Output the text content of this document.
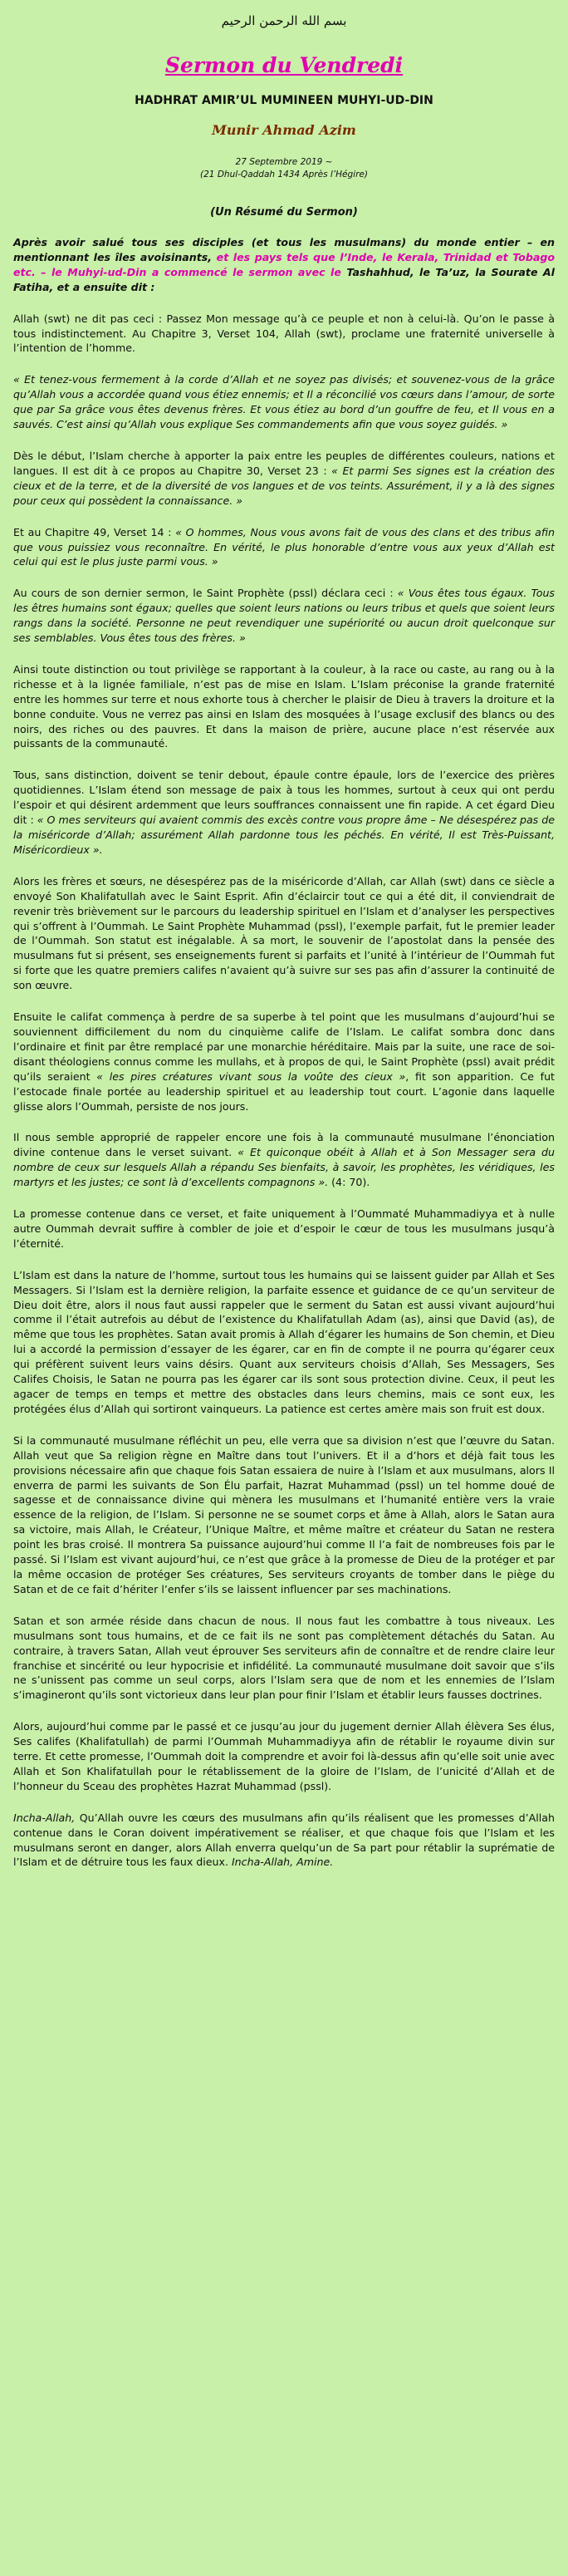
بسم الله الرحمن الرحيم
Sermon du Vendredi
HADHRAT AMIR’UL MUMINEEN MUHYI-UD-DIN
Munir Ahmad Azim
27 Septembre 2019 ~
(21 Dhul-Qaddah 1434 Après l’Hégire)
(Un Résumé du Sermon)

Après avoir salué tous ses disciples (et tous les musulmans) du monde entier – en mentionnant les îles avoisinants, et les pays tels que l’Inde, le Kerala, Trinidad et Tobago etc. – le Muhyi-ud-Din a commencé le sermon avec le Tashahhud, le Ta’uz, la Sourate Al Fatiha, et a ensuite dit :

Allah (swt) ne dit pas ceci : Passez Mon message qu’à ce peuple et non à celui-là. Qu’on le passe à tous indistinctement. Au Chapitre 3, Verset 104, Allah (swt), proclame une fraternité universelle à l’intention de l’homme.

« Et tenez-vous fermement à la corde d’Allah et ne soyez pas divisés; et souvenez-vous de la grâce qu’Allah vous a accordée quand vous étiez ennemis; et Il a réconcilié vos cœurs dans l’amour, de sorte que par Sa grâce vous êtes devenus frères. Et vous étiez au bord d’un gouffre de feu, et Il vous en a sauvés. C’est ainsi qu’Allah vous explique Ses commandements afin que vous soyez guidés. »

Dès le début, l’Islam cherche à apporter la paix entre les peuples de différentes couleurs, nations et langues. Il est dit à ce propos au Chapitre 30, Verset 23 : « Et parmi Ses signes est la création des cieux et de la terre, et de la diversité de vos langues et de vos teints. Assurément, il y a là des signes pour ceux qui possèdent la connaissance. »

Et au Chapitre 49, Verset 14 : « O hommes, Nous vous avons fait de vous des clans et des tribus afin que vous puissiez vous reconnaître. En vérité, le plus honorable d’entre vous aux yeux d’Allah est celui qui est le plus juste parmi vous. »

Au cours de son dernier sermon, le Saint Prophète (pssl) déclara ceci : « Vous êtes tous égaux. Tous les êtres humains sont égaux; quelles que soient leurs nations ou leurs tribus et quels que soient leurs rangs dans la société. Personne ne peut revendiquer une supériorité ou aucun droit quelconque sur ses semblables. Vous êtes tous des frères. »

Ainsi toute distinction ou tout privilège se rapportant à la couleur, à la race ou caste, au rang ou à la richesse et à la lignée familiale, n’est pas de mise en Islam. L’Islam préconise la grande fraternité entre les hommes sur terre et nous exhorte tous à chercher le plaisir de Dieu à travers la droiture et la bonne conduite. Vous ne verrez pas ainsi en Islam des mosquées à l’usage exclusif des blancs ou des noirs, des riches ou des pauvres. Et dans la maison de prière, aucune place n’est réservée aux puissants de la communauté.

Tous, sans distinction, doivent se tenir debout, épaule contre épaule, lors de l’exercice des prières quotidiennes. L’Islam étend son message de paix à tous les hommes, surtout à ceux qui ont perdu l’espoir et qui désirent ardemment que leurs souffrances connaissent une fin rapide. A cet égard Dieu dit : « O mes serviteurs qui avaient commis des excès contre vous propre âme – Ne désespérez pas de la miséricorde d’Allah; assurément Allah pardonne tous les péchés. En vérité, Il est Très-Puissant, Miséricordieux ».

Alors les frères et sœurs, ne désespérez pas de la miséricorde d’Allah, car Allah (swt) dans ce siècle a envoyé Son Khalifatullah avec le Saint Esprit. Afin d’éclaircir tout ce qui a été dit, il conviendrait de revenir très brièvement sur le parcours du leadership spirituel en l’Islam et d’analyser les perspectives qui s’offrent à l’Oummah. Le Saint Prophète Muhammad (pssl), l’exemple parfait, fut le premier leader de l’Oummah. Son statut est inégalable. À sa mort, le souvenir de l’apostolat dans la pensée des musulmans fut si présent, ses enseignements furent si parfaits et l’unité à l’intérieur de l’Oummah fut si forte que les quatre premiers califes n’avaient qu’à suivre sur ses pas afin d’assurer la continuité de son œuvre.

Ensuite le califat commença à perdre de sa superbe à tel point que les musulmans d’aujourd’hui se souviennent difficilement du nom du cinquième calife de l’Islam. Le califat sombra donc dans l’ordinaire et finit par être remplacé par une monarchie héréditaire. Mais par la suite, une race de soi-disant théologiens connus comme les mullahs, et à propos de qui, le Saint Prophète (pssl) avait prédit qu’ils seraient « les pires créatures vivant sous la voûte des cieux », fit son apparition. Ce fut l’estocade finale portée au leadership spirituel et au leadership tout court. L’agonie dans laquelle glisse alors l’Oummah, persiste de nos jours.

Il nous semble approprié de rappeler encore une fois à la communauté musulmane l’énonciation divine contenue dans le verset suivant. « Et quiconque obéit à Allah et à Son Messager sera du nombre de ceux sur lesquels Allah a répandu Ses bienfaits, à savoir, les prophètes, les véridiques, les martyrs et les justes; ce sont là d’excellents compagnons ». (4: 70).

La promesse contenue dans ce verset, et faite uniquement à l’Oummaté Muhammadiyya et à nulle autre Oummah devrait suffire à combler de joie et d’espoir le cœur de tous les musulmans jusqu’à l’éternité.

L’Islam est dans la nature de l’homme, surtout tous les humains qui se laissent guider par Allah et Ses Messagers. Si l’Islam est la dernière religion, la parfaite essence et guidance de ce qu’un serviteur de Dieu doit être, alors il nous faut aussi rappeler que le serment du Satan est aussi vivant aujourd’hui comme il l’était autrefois au début de l’existence du Khalifatullah Adam (as), ainsi que David (as), de même que tous les prophètes. Satan avait promis à Allah d’égarer les humains de Son chemin, et Dieu lui a accordé la permission d’essayer de les égarer, car en fin de compte il ne pourra qu’égarer ceux qui préfèrent suivent leurs vains désirs. Quant aux serviteurs choisis d’Allah, Ses Messagers, Ses Califes Choisis, le Satan ne pourra pas les égarer car ils sont sous protection divine. Ceux, il peut les agacer de temps en temps et mettre des obstacles dans leurs chemins, mais ce sont eux, les protégées élus d’Allah qui sortiront vainqueurs. La patience est certes amère mais son fruit est doux.

Si la communauté musulmane réfléchit un peu, elle verra que sa division n’est que l’œuvre du Satan. Allah veut que Sa religion règne en Maître dans tout l’univers. Et il a d’hors et déjà fait tous les provisions nécessaire afin que chaque fois Satan essaiera de nuire à l’Islam et aux musulmans, alors Il enverra de parmi les suivants de Son Élu parfait, Hazrat Muhammad (pssl) un tel homme doué de sagesse et de connaissance divine qui mènera les musulmans et l’humanité entière vers la vraie essence de la religion, de l’Islam. Si personne ne se soumet corps et âme à Allah, alors le Satan aura sa victoire, mais Allah, le Créateur, l’Unique Maître, et même maître et créateur du Satan ne restera point les bras croisé. Il montrera Sa puissance aujourd’hui comme Il l’a fait de nombreuses fois par le passé. Si l’Islam est vivant aujourd’hui, ce n’est que grâce à la promesse de Dieu de la protéger et par la même occasion de protéger Ses créatures, Ses serviteurs croyants de tomber dans le piège du Satan et de ce fait d’hériter l’enfer s’ils se laissent influencer par ses machinations.

Satan et son armée réside dans chacun de nous. Il nous faut les combattre à tous niveaux. Les musulmans sont tous humains, et de ce fait ils ne sont pas complètement détachés du Satan. Au contraire, à travers Satan, Allah veut éprouver Ses serviteurs afin de connaître et de rendre claire leur franchise et sincérité ou leur hypocrisie et infidélité. La communauté musulmane doit savoir que s’ils ne s’unissent pas comme un seul corps, alors l’Islam sera que de nom et les ennemies de l’Islam s’imagineront qu’ils sont victorieux dans leur plan pour finir l’Islam et établir leurs fausses doctrines.

Alors, aujourd’hui comme par le passé et ce jusqu’au jour du jugement dernier Allah élèvera Ses élus, Ses califes (Khalifatullah) de parmi l’Oummah Muhammadiyya afin de rétablir le royaume divin sur terre. Et cette promesse, l’Oummah doit la comprendre et avoir foi là-dessus afin qu’elle soit unie avec Allah et Son Khalifatullah pour le rétablissement de la gloire de l’Islam, de l’unicité d’Allah et de l’honneur du Sceau des prophètes Hazrat Muhammad (pssl).

Incha-Allah, Qu’Allah ouvre les cœurs des musulmans afin qu’ils réalisent que les promesses d’Allah contenue dans le Coran doivent impérativement se réaliser, et que chaque fois que l’Islam et les musulmans seront en danger, alors Allah enverra quelqu’un de Sa part pour rétablir la suprématie de l’Islam et de détruire tous les faux dieux. Incha-Allah, Amine.
